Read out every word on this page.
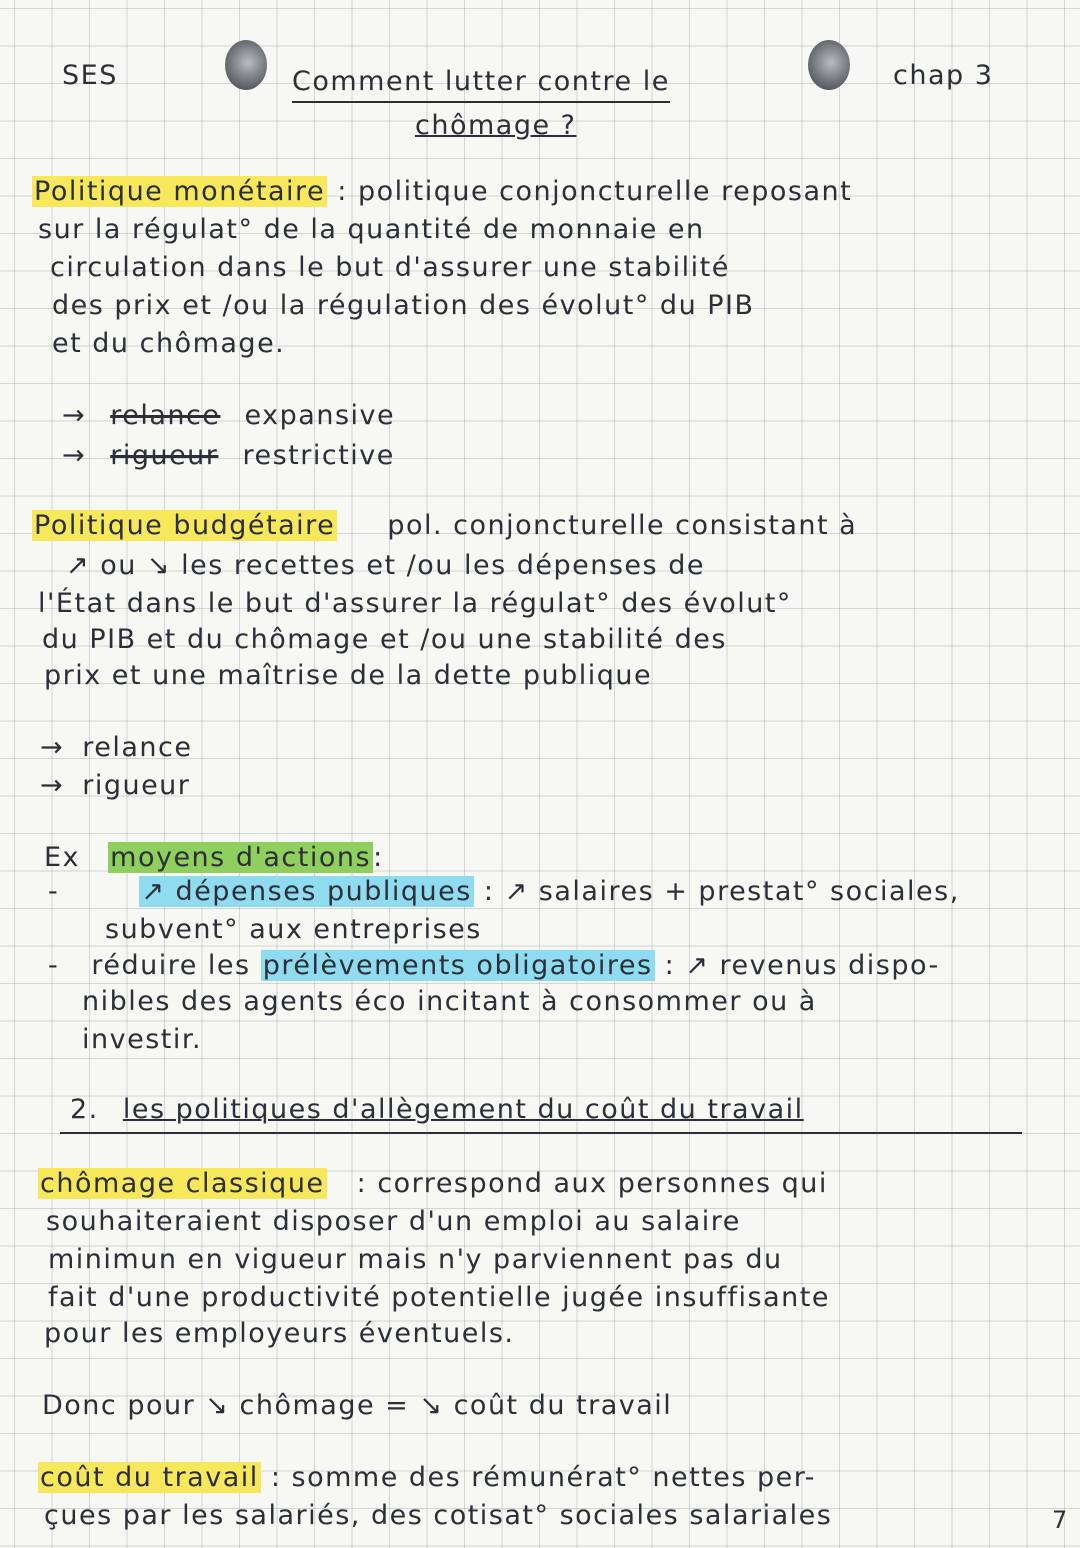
SES	Comment lutter contre le
chômage ?
chap 3
Politique monétaire : politique conjoncturelle reposant
sur la régulat° de la quantité de monnaie en
circulation dans le but d'assurer une stabilité
des prix et /ou la régulation des évolut° du PIB
et du chômage.
→ relance expansive
→ rigueur restrictive
Politique budgétaire pol. conjoncturelle consistant à
↗ ou ↘ les recettes et /ou les dépenses de
l'État dans le but d'assurer la régulat° des évolut°
du PIB et du chômage et /ou une stabilité des
prix et une maîtrise de la dette publique
→ relance
→ rigueur
Ex moyens d'actions:
-	↗ dépenses publiques : ↗ salaires + prestat° sociales,
subvent° aux entreprises
- réduire les prélèvements obligatoires : ↗ revenus dispo-
nibles des agents éco incitant à consommer ou à
investir.
2. les politiques d'allègement du coût du travail
chômage classique : correspond aux personnes qui
souhaiteraient disposer d'un emploi au salaire
minimun en vigueur mais n'y parviennent pas du
fait d'une productivité potentielle jugée insuffisante
pour les employeurs éventuels.
Donc pour ↘ chômage = ↘ coût du travail
coût du travail : somme des rémunérat° nettes per-
çues par les salariés, des cotisat° sociales salariales	7
